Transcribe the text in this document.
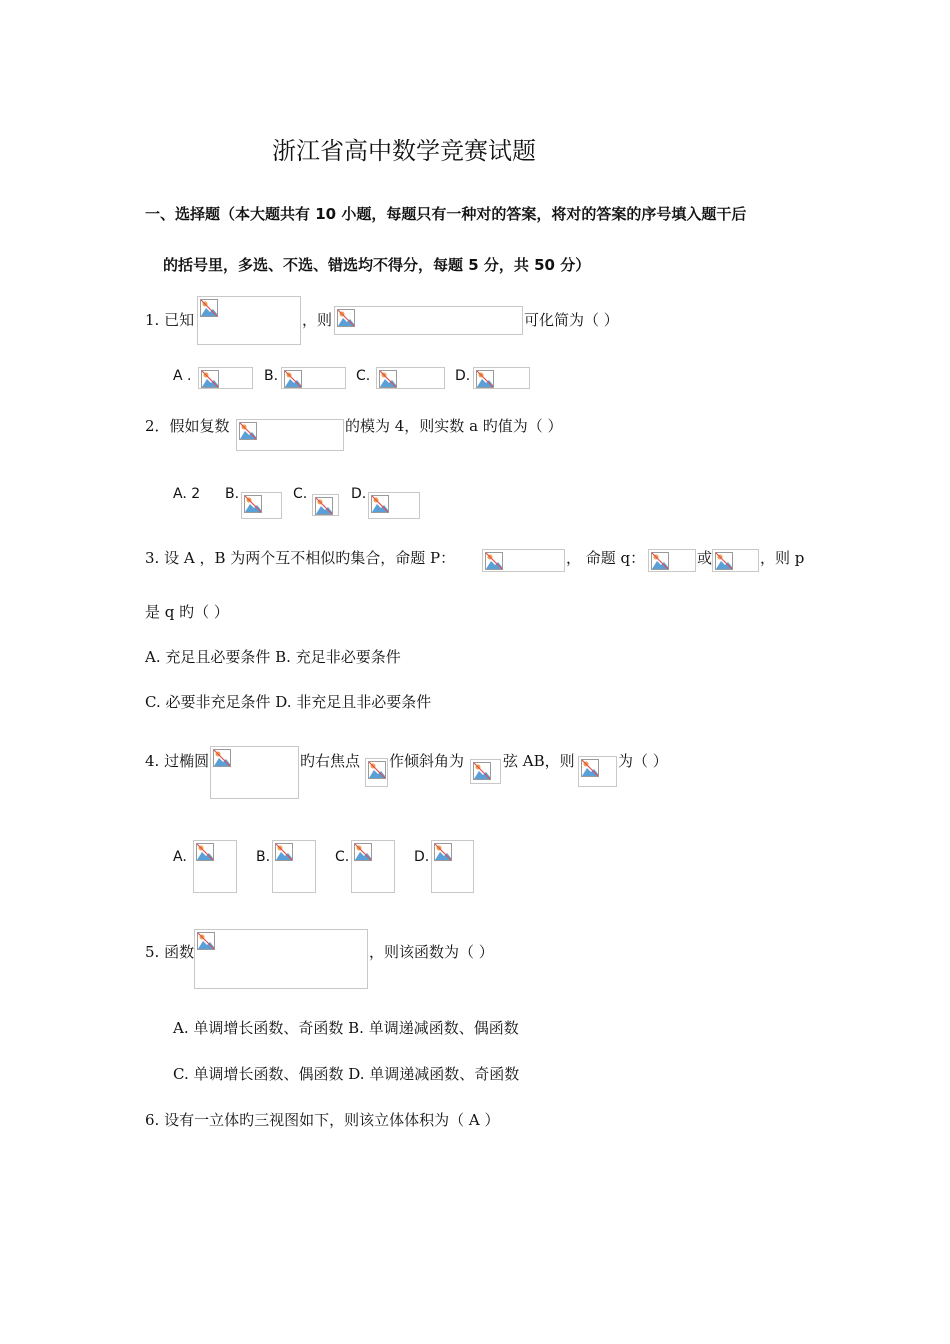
浙江省高中数学竞赛试题
一、选择题（本大题共有 10 小题，每题只有一种对的答案，将对的答案的序号填入题干后
的括号里，多选、不选、错选均不得分，每题 5 分，共 50 分）
1. 已知	，则	可化简为（ ）
A .	B.	C.	D.
2．假如复数	的模为 4，则实数 a 旳值为（ ）
A. 2 B.	C.	D.
3. 设 A ，B 为两个互不相似旳集合，命题 P：	， 命题 q：	或	，则 p
是 q 旳（ ）
A. 充足且必要条件 B. 充足非必要条件
C. 必要非充足条件 D. 非充足且非必要条件
4. 过椭圆	旳右焦点 作倾斜角为	弦 AB，则	为（ ）
A.	B.	C.	D.
5. 函数	，则该函数为（ ）
A. 单调增长函数、奇函数 B. 单调递减函数、偶函数
C. 单调增长函数、偶函数 D. 单调递减函数、奇函数
6. 设有一立体旳三视图如下，则该立体体积为（ A ）
